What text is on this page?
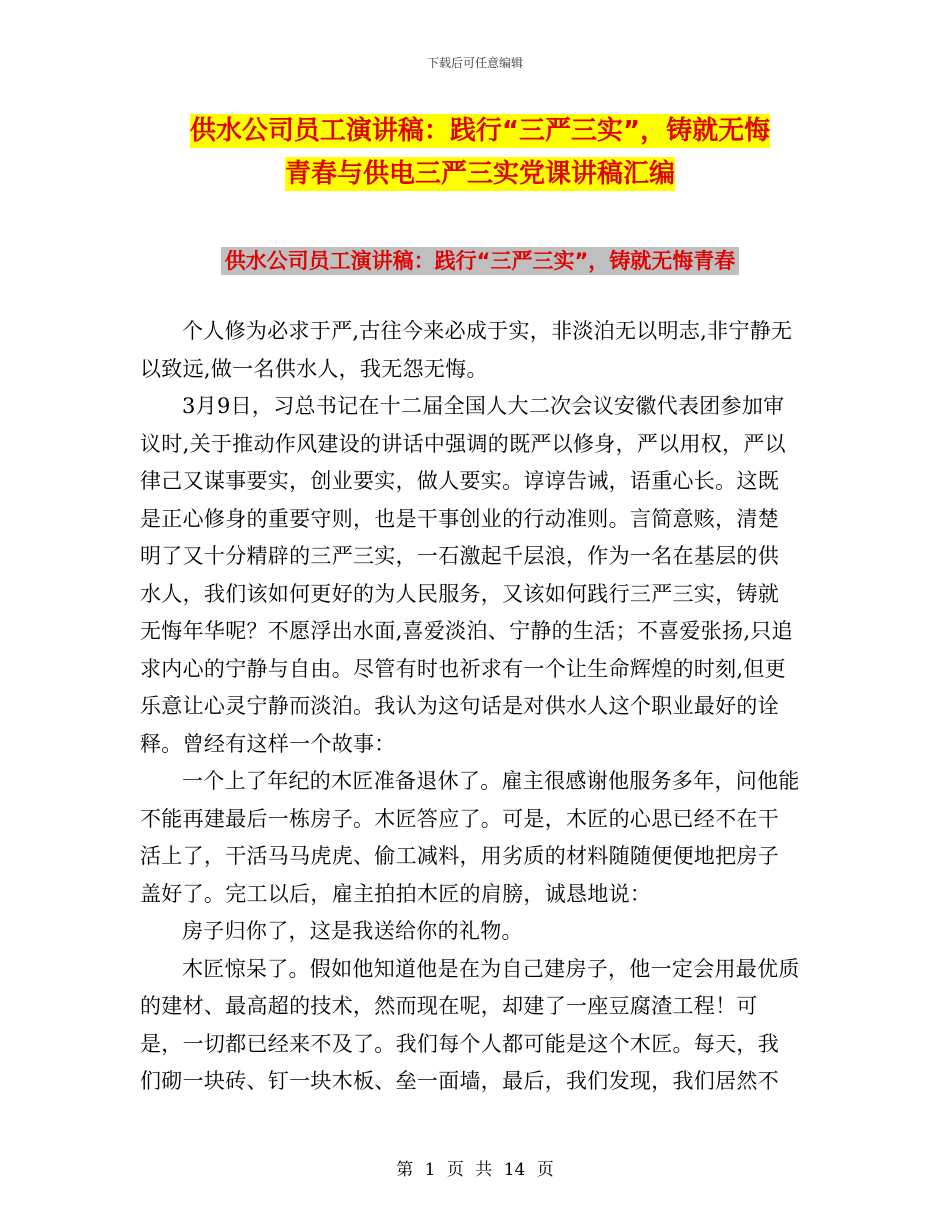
下载后可任意编辑
供水公司员工演讲稿：践行“三严三实”，铸就无悔
青春与供电三严三实党课讲稿汇编
供水公司员工演讲稿：践行“三严三实”，铸就无悔青春

个人修为必求于严,古往今来必成于实，非淡泊无以明志,非宁静无以致远,做一名供水人，我无怨无悔。

3月9日，习总书记在十二届全国人大二次会议安徽代表团参加审议时,关于推动作风建设的讲话中强调的既严以修身，严以用权，严以律己又谋事要实，创业要实，做人要实。谆谆告诫，语重心长。这既是正心修身的重要守则，也是干事创业的行动准则。言简意赅，清楚明了又十分精辟的三严三实，一石激起千层浪，作为一名在基层的供水人，我们该如何更好的为人民服务，又该如何践行三严三实，铸就无悔年华呢？不愿浮出水面,喜爱淡泊、宁静的生活；不喜爱张扬,只追求内心的宁静与自由。尽管有时也祈求有一个让生命辉煌的时刻,但更乐意让心灵宁静而淡泊。我认为这句话是对供水人这个职业最好的诠释。曾经有这样一个故事：

一个上了年纪的木匠准备退休了。雇主很感谢他服务多年，问他能不能再建最后一栋房子。木匠答应了。可是，木匠的心思已经不在干活上了，干活马马虎虎、偷工减料，用劣质的材料随随便便地把房子盖好了。完工以后，雇主拍拍木匠的肩膀，诚恳地说：

房子归你了，这是我送给你的礼物。

木匠惊呆了。假如他知道他是在为自己建房子，他一定会用最优质的建材、最高超的技术，然而现在呢，却建了一座豆腐渣工程！可是，一切都已经来不及了。我们每个人都可能是这个木匠。每天，我们砌一块砖、钉一块木板、垒一面墙，最后，我们发现，我们居然不

第 1 页 共 14 页
